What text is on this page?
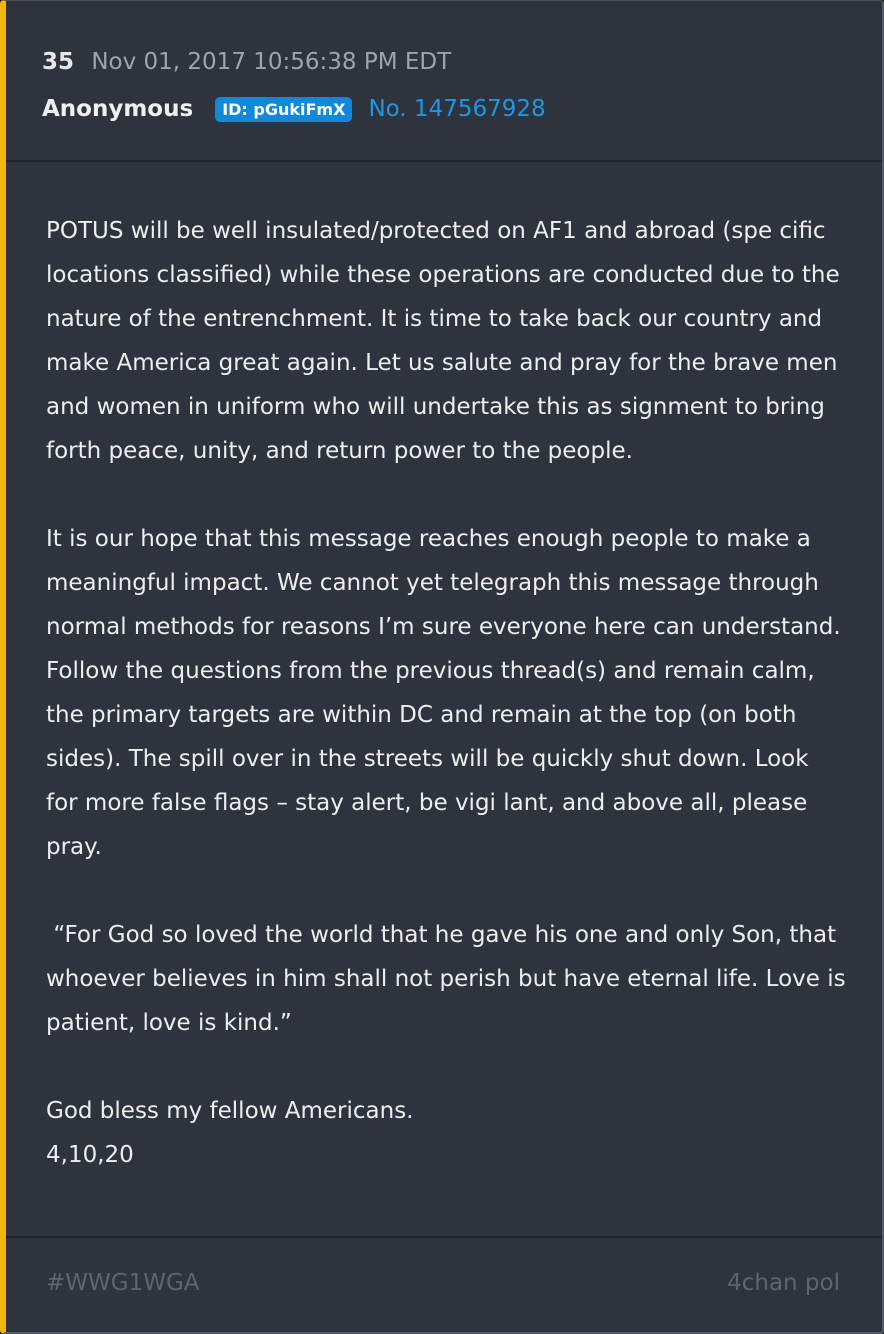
35 Nov 01, 2017 10:56:38 PM EDT
Anonymous	ID: pGukiFmX	No. 147567928

POTUS will be well insulated/protected on AF1 and abroad (spe cific locations classified) while these operations are conducted due to the nature of the entrenchment. It is time to take back our country and make America great again. Let us salute and pray for the brave men and women in uniform who will undertake this as signment to bring forth peace, unity, and return power to the people.

It is our hope that this message reaches enough people to make a meaningful impact. We cannot yet telegraph this message through normal methods for reasons I’m sure everyone here can understand. Follow the questions from the previous thread(s) and remain calm, the primary targets are within DC and remain at the top (on both sides). The spill over in the streets will be quickly shut down. Look for more false flags – stay alert, be vigi lant, and above all, please pray.

“For God so loved the world that he gave his one and only Son, that whoever believes in him shall not perish but have eternal life. Love is patient, love is kind.”

God bless my fellow Americans.

4,10,20

#WWG1WGA	4chan pol
